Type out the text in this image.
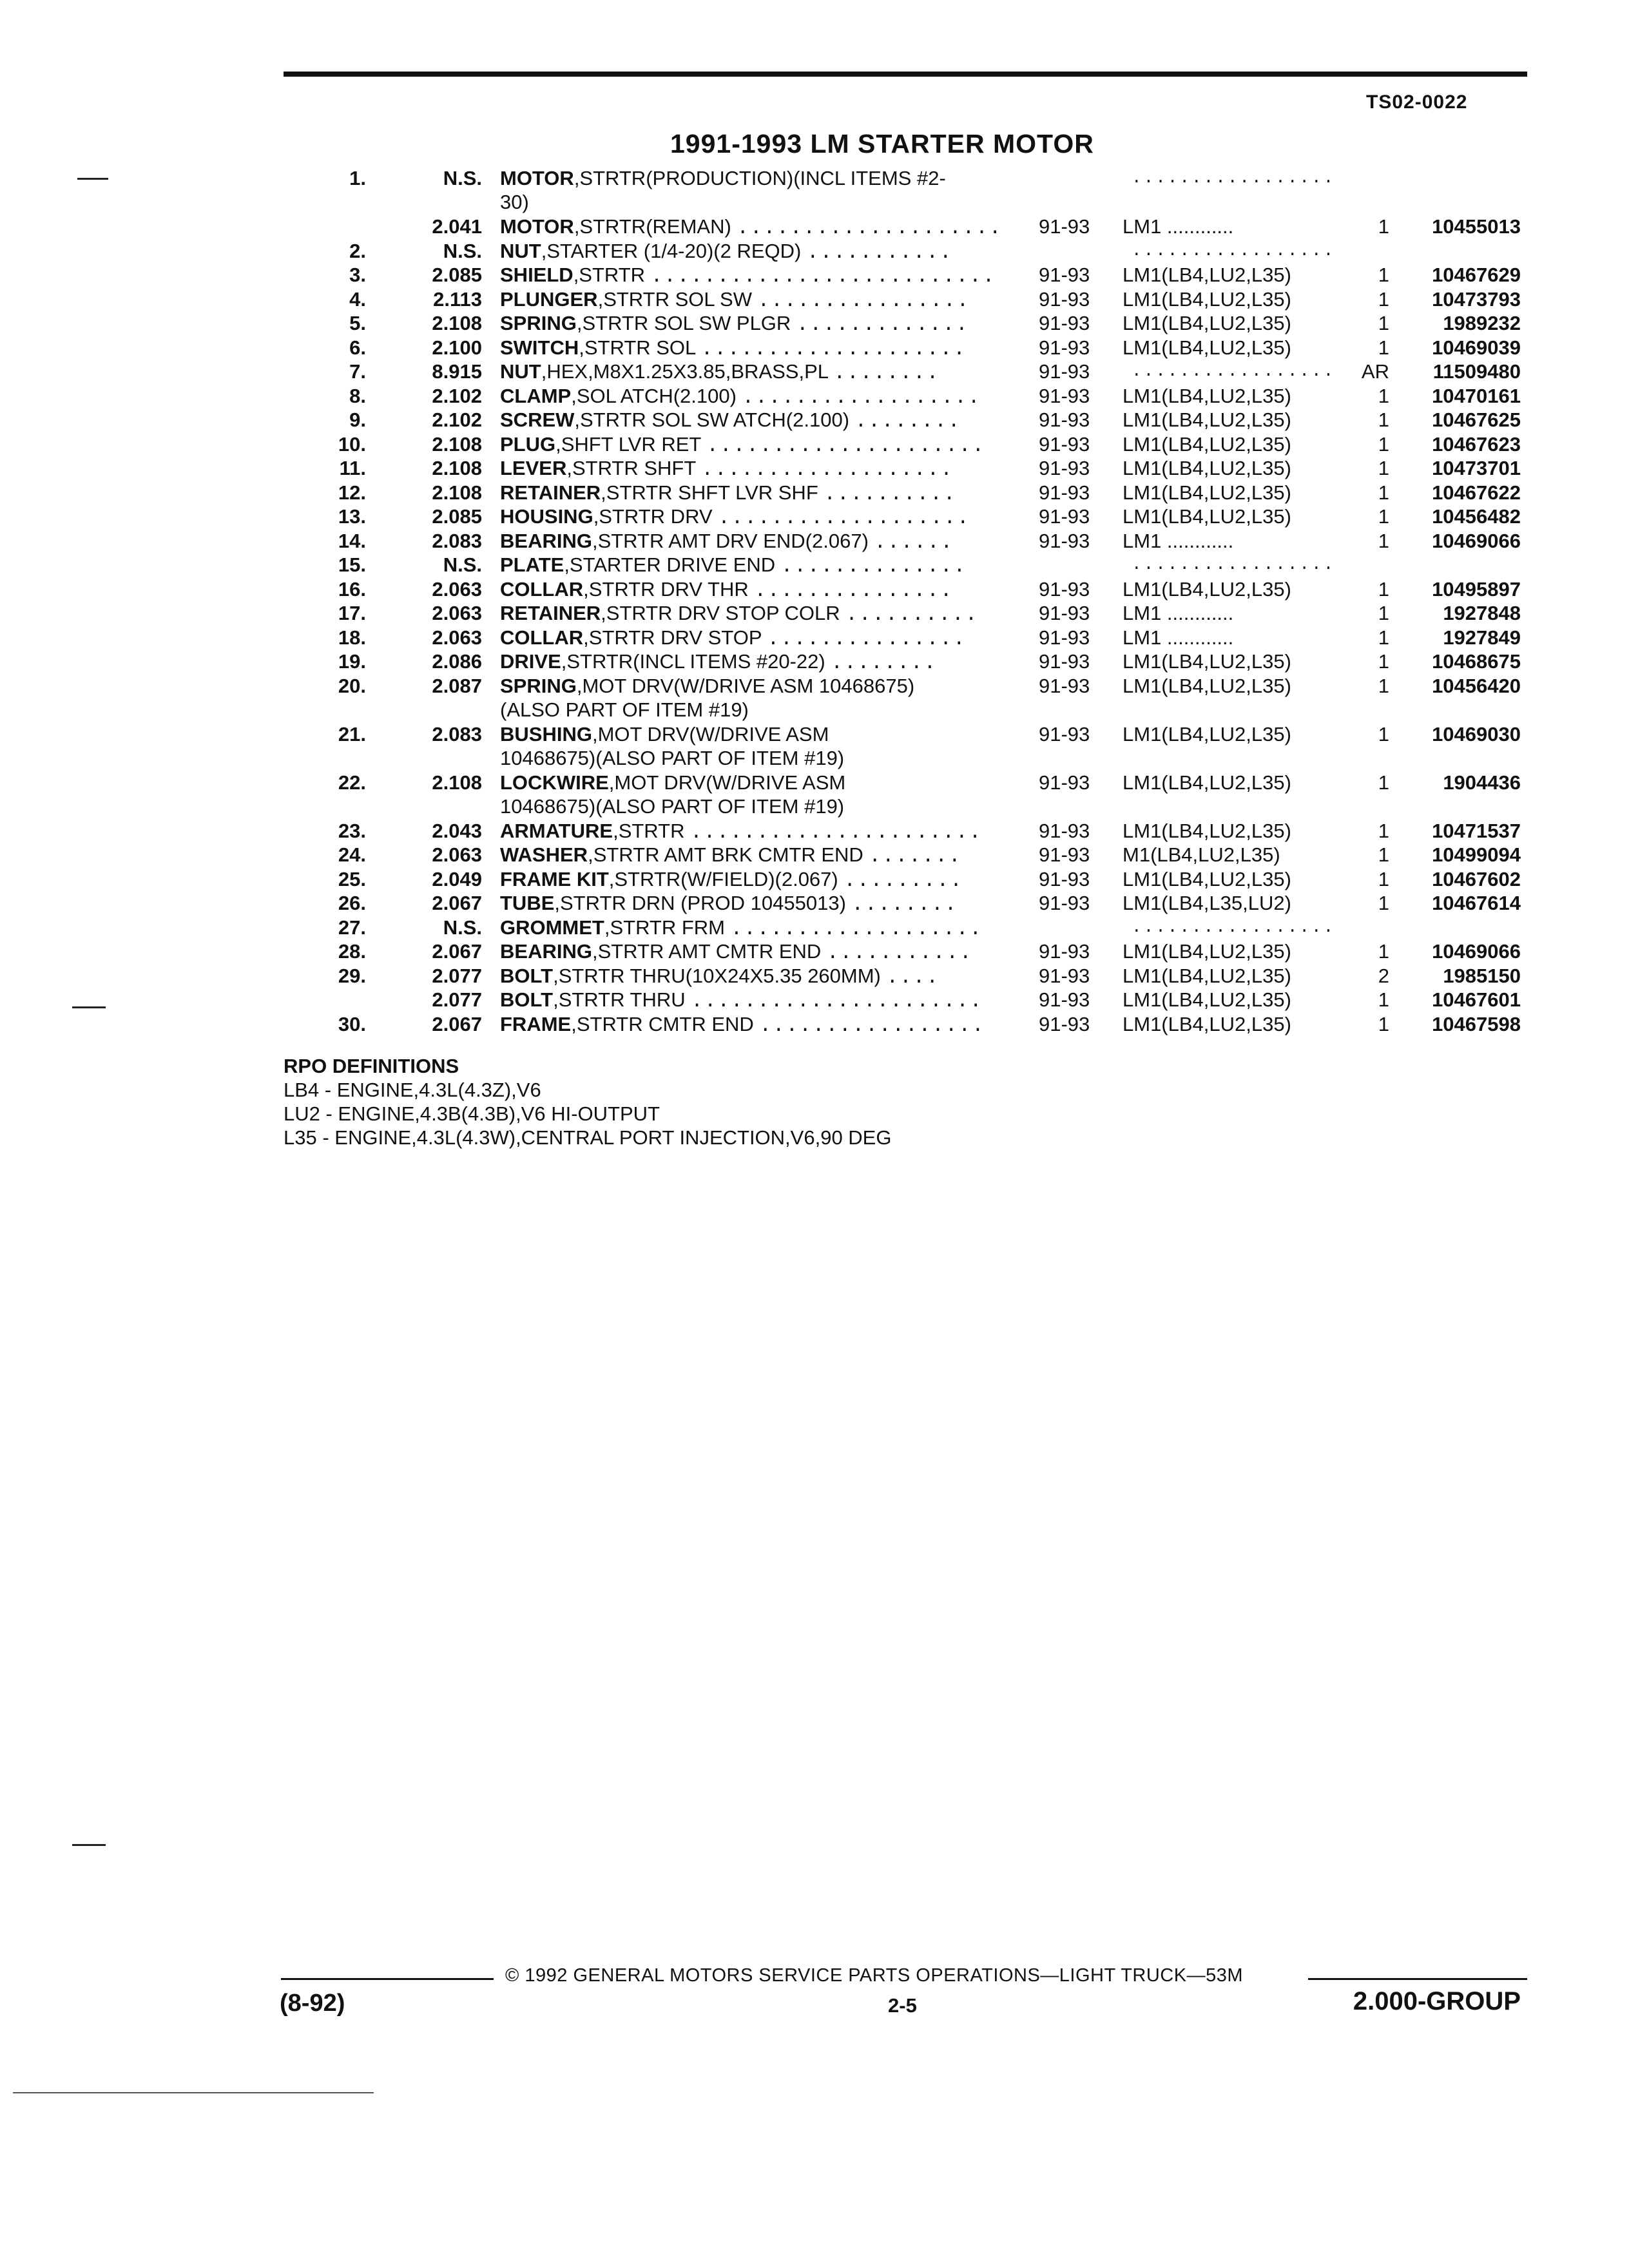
TS02-0022
1991-1993 LM STARTER MOTOR
1.	N.S. MOTOR,STRTR(PRODUCTION)(INCL ITEMS #2-
30)
.................
2.041 MOTOR,STRTR(REMAN) ....................	91-93 LM1 ............	1 10455013
2.	N.S. NUT,STARTER (1/4-20)(2 REQD) ...........	.................
3.	2.085 SHIELD,STRTR ..........................	91-93 LM1(LB4,LU2,L35)	1 10467629
4.	2.113 PLUNGER,STRTR SOL SW ................	91-93 LM1(LB4,LU2,L35)	1 10473793
5.	2.108 SPRING,STRTR SOL SW PLGR .............	91-93 LM1(LB4,LU2,L35)	1	1989232
6.	2.100 SWITCH,STRTR SOL ....................	91-93 LM1(LB4,LU2,L35)	1 10469039
7.	8.915 NUT,HEX,M8X1.25X3.85,BRASS,PL ........	91-93 ................. AR 11509480
8.	2.102 CLAMP,SOL ATCH(2.100) ..................	91-93 LM1(LB4,LU2,L35)	1 10470161
9.	2.102 SCREW,STRTR SOL SW ATCH(2.100) ........	91-93 LM1(LB4,LU2,L35)	1 10467625
10.	2.108 PLUG,SHFT LVR RET .....................	91-93 LM1(LB4,LU2,L35)	1 10467623
11.	2.108 LEVER,STRTR SHFT ...................	91-93 LM1(LB4,LU2,L35)	1 10473701
12.	2.108 RETAINER,STRTR SHFT LVR SHF ..........	91-93 LM1(LB4,LU2,L35)	1 10467622
13.	2.085 HOUSING,STRTR DRV ...................	91-93 LM1(LB4,LU2,L35)	1 10456482
14.	2.083 BEARING,STRTR AMT DRV END(2.067) ......	91-93 LM1 ............	1 10469066
15.	N.S. PLATE,STARTER DRIVE END ..............	.................
16.	2.063 COLLAR,STRTR DRV THR ...............	91-93 LM1(LB4,LU2,L35)	1 10495897
17.	2.063 RETAINER,STRTR DRV STOP COLR ..........	91-93 LM1 ............	1	1927848
18.	2.063 COLLAR,STRTR DRV STOP ...............	91-93 LM1 ............	1	1927849
19.	2.086 DRIVE,STRTR(INCL ITEMS #20-22) ........	91-93 LM1(LB4,LU2,L35)	1 10468675
20.	2.087 SPRING,MOT DRV(W/DRIVE ASM 10468675)
(ALSO PART OF ITEM #19)
91-93 LM1(LB4,LU2,L35)	1 10456420
21.	2.083 BUSHING,MOT DRV(W/DRIVE ASM
10468675)(ALSO PART OF ITEM #19)
91-93 LM1(LB4,LU2,L35)	1 10469030
22.	2.108 LOCKWIRE,MOT DRV(W/DRIVE ASM
10468675)(ALSO PART OF ITEM #19)
91-93 LM1(LB4,LU2,L35)	1	1904436
23.	2.043 ARMATURE,STRTR ......................	91-93 LM1(LB4,LU2,L35)	1 10471537
24.	2.063 WASHER,STRTR AMT BRK CMTR END .......	91-93 M1(LB4,LU2,L35)	1 10499094
25.	2.049 FRAME KIT,STRTR(W/FIELD)(2.067) .........	91-93 LM1(LB4,LU2,L35)	1 10467602
26.	2.067 TUBE,STRTR DRN (PROD 10455013) ........	91-93 LM1(LB4,L35,LU2)	1 10467614
27.	N.S. GROMMET,STRTR FRM ...................	.................
28.	2.067 BEARING,STRTR AMT CMTR END ...........	91-93 LM1(LB4,LU2,L35)	1 10469066
29.	2.077 BOLT,STRTR THRU(10X24X5.35 260MM) ....	91-93 LM1(LB4,LU2,L35)	2	1985150
2.077 BOLT,STRTR THRU ......................	91-93 LM1(LB4,LU2,L35)	1 10467601
30.	2.067 FRAME,STRTR CMTR END .................	91-93 LM1(LB4,LU2,L35)	1 10467598
RPO DEFINITIONS
LB4 - ENGINE,4.3L(4.3Z),V6
LU2 - ENGINE,4.3B(4.3B),V6 HI-OUTPUT
L35 - ENGINE,4.3L(4.3W),CENTRAL PORT INJECTION,V6,90 DEG
© 1992 GENERAL MOTORS SERVICE PARTS OPERATIONS—LIGHT TRUCK—53M
(8-92)	2-5	2.000-GROUP
